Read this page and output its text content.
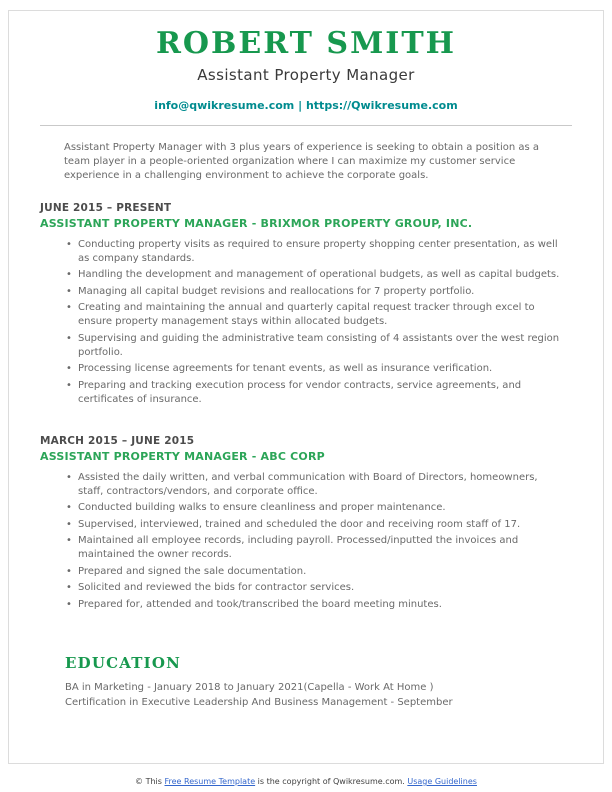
ROBERT SMITH
Assistant Property Manager
info@qwikresume.com | https://Qwikresume.com

Assistant Property Manager with 3 plus years of experience is seeking to obtain a position as a team player in a people-oriented organization where I can maximize my customer service experience in a challenging environment to achieve the corporate goals.

JUNE 2015 – PRESENT
ASSISTANT PROPERTY MANAGER - BRIXMOR PROPERTY GROUP, INC.
• Conducting property visits as required to ensure property shopping center presentation, as well as company standards.
• Handling the development and management of operational budgets, as well as capital budgets.
• Managing all capital budget revisions and reallocations for 7 property portfolio.
• Creating and maintaining the annual and quarterly capital request tracker through excel to ensure property management stays within allocated budgets.
• Supervising and guiding the administrative team consisting of 4 assistants over the west region portfolio.
• Processing license agreements for tenant events, as well as insurance verification.
• Preparing and tracking execution process for vendor contracts, service agreements, and certificates of insurance.
MARCH 2015 – JUNE 2015
ASSISTANT PROPERTY MANAGER - ABC CORP
• Assisted the daily written, and verbal communication with Board of Directors, homeowners, staff, contractors/vendors, and corporate office.
• Conducted building walks to ensure cleanliness and proper maintenance.
• Supervised, interviewed, trained and scheduled the door and receiving room staff of 17.
• Maintained all employee records, including payroll. Processed/inputted the invoices and maintained the owner records.
• Prepared and signed the sale documentation.
• Solicited and reviewed the bids for contractor services.
• Prepared for, attended and took/transcribed the board meeting minutes.
EDUCATION
BA in Marketing - January 2018 to January 2021(Capella - Work At Home )
Certification in Executive Leadership And Business Management - September
© This Free Resume Template is the copyright of Qwikresume.com. Usage Guidelines
